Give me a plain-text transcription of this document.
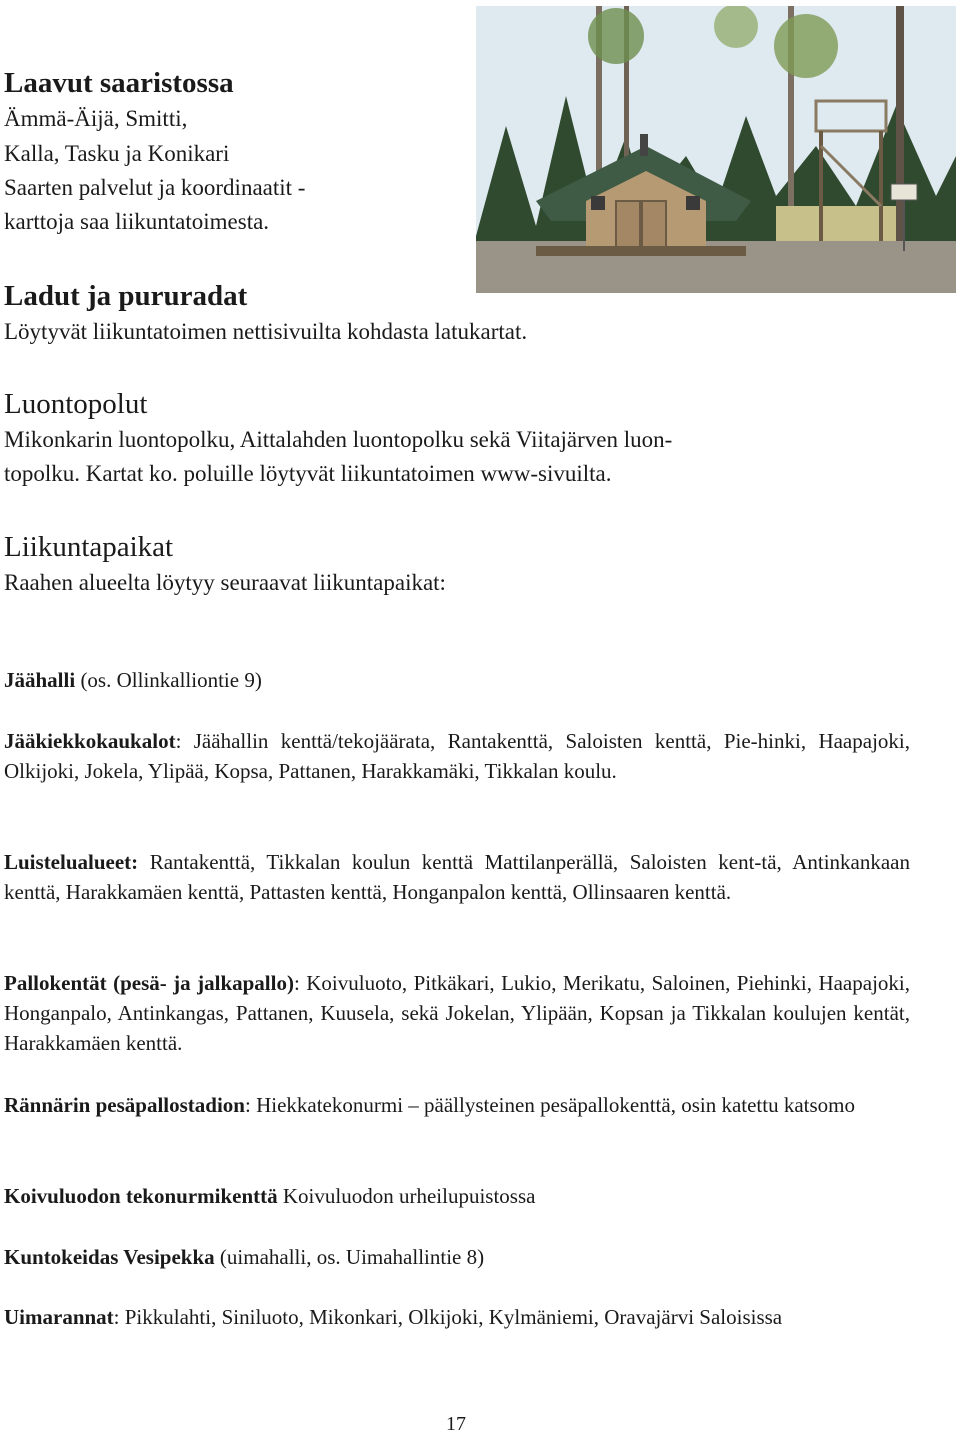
Laavut saaristossa
Ämmä-Äijä, Smitti,
Kalla, Tasku ja Konikari
Saarten palvelut ja koordinaatit -
karttoja saa liikuntatoimesta.
Ladut ja pururadat
Löytyvät liikuntatoimen nettisivuilta kohdasta latukartat.
Luontopolut
Mikonkarin luontopolku, Aittalahden luontopolku sekä Viitajärven luon-
topolku. Kartat ko. poluille löytyvät liikuntatoimen www-sivuilta.
Liikuntapaikat
Raahen alueelta löytyy seuraavat liikuntapaikat:
Jäähalli (os. Ollinkalliontie 9)
Jääkiekkokaukalot: Jäähallin kenttä/tekojäärata, Rantakenttä, Saloisten kenttä, Pie-hinki, Haapajoki, Olkijoki, Jokela, Ylipää, Kopsa, Pattanen, Harakkamäki, Tikkalan koulu.
Luistelualueet: Rantakenttä, Tikkalan koulun kenttä Mattilanperällä, Saloisten kent-tä, Antinkankaan kenttä, Harakkamäen kenttä, Pattasten kenttä, Honganpalon kenttä, Ollinsaaren kenttä.
Pallokentät (pesä- ja jalkapallo): Koivuluoto, Pitkäkari, Lukio, Merikatu, Saloinen, Piehinki, Haapajoki, Honganpalo, Antinkangas, Pattanen, Kuusela, sekä Jokelan, Ylipään, Kopsan ja Tikkalan koulujen kentät, Harakkamäen kenttä.
Rännärin pesäpallostadion: Hiekkatekonurmi – päällysteinen pesäpallokenttä, osin katettu katsomo
Koivuluodon tekonurmikenttä Koivuluodon urheilupuistossa
Kuntokeidas Vesipekka (uimahalli, os. Uimahallintie 8)
Uimarannat: Pikkulahti, Siniluoto, Mikonkari, Olkijoki, Kylmäniemi, Oravajärvi Saloisissa
17
